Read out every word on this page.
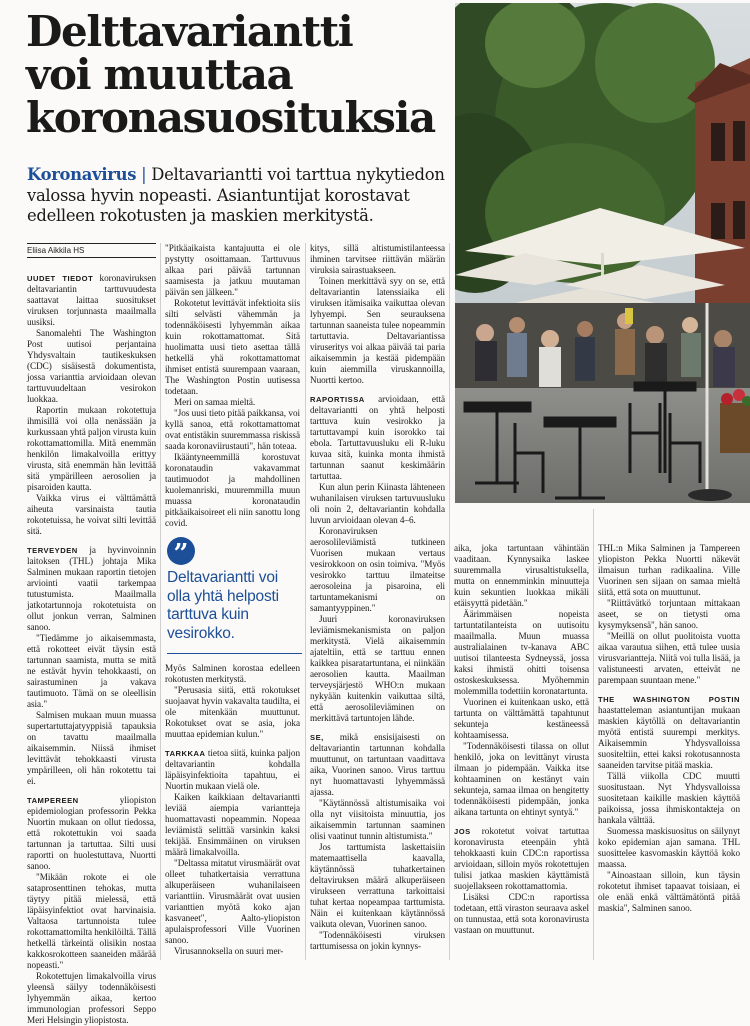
Delttavariantti
voi muuttaa
koronasuosituksia

Koronavirus | Deltavariantti voi tarttua nykytiedon valossa hyvin nopeasti. Asiantuntijat korostavat edelleen rokotusten ja maskien merkitystä.

Eliisa Aikkila HS

UUDET TIEDOT koronaviruksen deltavariantin tarttuvuudesta saattavat laittaa suositukset viruksen torjunnasta maailmalla uusiksi.

Sanomalehti The Washington Post uutisoi perjantaina Yhdysvaltain tautikeskuksen (CDC) sisäisestä dokumentista, jossa varianttia arvioidaan olevan tarttuvuudeltaan vesirokon luokkaa.

Raportin mukaan rokotettuja ihmisillä voi olla nenässään ja kurkussaan yhtä paljon virusta kuin rokottamattomilla. Mitä enemmän henkilön limakalvoilla erittyy virusta, sitä enemmän hän levittää sitä ympärilleen aerosolien ja pisaroiden kautta.

Vaikka virus ei välttämättä aiheuta varsinaista tautia rokotetuissa, he voivat silti levittää sitä.

TERVEYDEN ja hyvinvoinnin laitoksen (THL) johtaja Mika Salminen mukaan raportin tietojen arviointi vaatii tarkempaa tutustumista. Maailmalla jatkotartunnoja rokotetuista on ollut jonkun verran, Salminen sanoo.

"Tiedämme jo aikaisemmasta, että rokotteet eivät täysin estä tartunnan saamista, mutta se mitä ne estävät hyvin tehokkaasti, on sairastuminen ja vakava tautimuoto. Tämä on se oleellisin asia."

Salmisen mukaan muun muassa supertartuttajatyyppisiä tapauksia on tavattu maailmalla aikaisemmin. Niissä ihmiset levittävät tehokkaasti virusta ympärilleen, oli hän rokotettu tai ei.

TAMPEREEN yliopiston epidemiologian professorin Pekka Nuortin mukaan on ollut tiedossa, että rokotettukin voi saada tartunnan ja tartuttaa. Silti uusi raportti on huolestuttava, Nuortti sanoo.

"Mikään rokote ei ole sataprosenttinen tehokas, mutta täytyy pitää mielessä, että läpäisyinfektiot ovat harvinaisia. Valtaosa tartunnoista tulee rokottamattomilta henkilöiltä. Tällä hetkellä tärkeintä olisikin nostaa kakkosrokotteen saaneiden määrää nopeasti."

Rokotettujen limakalvoilla virus yleensä säilyy todennäköisesti lyhyemmän aikaa, kertoo immunologian professori Seppo Meri Helsingin yliopistosta.

"Pitkäaikaista kantajuutta ei ole pystytty osoittamaan. Tarttuvuus alkaa pari päivää tartunnan saamisesta ja jatkuu muutaman päivän sen jälkeen."

Rokotetut levittävät infektioita siis silti selvästi vähemmän ja todennäköisesti lyhyemmän aikaa kuin rokottamattomat. Sitä huolimatta uusi tieto asettaa tällä hetkellä yhä rokottamattomat ihmiset entistä suurempaan vaaraan, The Washington Postin uutisessa todetaan.

Meri on samaa mieltä.

"Jos uusi tieto pitää paikkansa, voi kyllä sanoa, että rokottamattomat ovat entistäkin suuremmassa riskissä saada koronaviirustauti", hän toteaa.

Ikääntyneemmillä korostuvat koronataudin vakavammat tautimuodot ja mahdollinen kuolemanriski, muuremmilla muun muassa koronataudin pitkäaikaisoireet eli niin sanottu long covid.

”

Deltavariantti voi olla yhtä helposti tarttuva kuin vesirokko.

Myös Salminen korostaa edelleen rokotusten merkitystä.

"Perusasia siitä, että rokotukset suojaavat hyvin vakavalta taudilta, ei ole mitenkään muuttunut. Rokotukset ovat se asia, joka muuttaa epidemian kulun."

TARKKAA tietoa siitä, kuinka paljon deltavariantin kohdalla läpäisyinfektioita tapahtuu, ei Nuortin mukaan vielä ole.

Kaiken kaikkiaan deltavariantti leviää aiempia variantteja huomattavasti nopeammin. Nopeaa leviämistä selittää varsinkin kaksi tekijää. Ensimmäinen on viruksen määrä limakalvoilla.

"Deltassa mitatut virusmäärät ovat olleet tuhatkertaisia verrattuna alkuperäiseen wuhanilaiseen varianttiin. Virusmäärät ovat uusien varianttien myötä koko ajan kasvaneet", Aalto-yliopiston apulaisprofessori Ville Vuorinen sanoo.

Virusannoksella on suuri mer-

kitys, sillä altistumistilanteessa ihminen tarvitsee riittävän määrän viruksia sairastuakseen.

Toinen merkittävä syy on se, että deltavariantin latenssiaika eli viruksen itämisaika vaikuttaa olevan lyhyempi. Sen seurauksena tartunnan saaneista tulee nopeammin tartuttavia. Deltavariantissa viruseritys voi alkaa päivää tai paria aikaisemmin ja kestää pidempään kuin aiemmilla viruskannoilla, Nuortti kertoo.

RAPORTISSA arvioidaan, että deltavariantti on yhtä helposti tarttuva kuin vesirokko ja tartuttavampi kuin isorokko tai ebola. Tartuttavuusluku eli R-luku kuvaa sitä, kuinka monta ihmistä tartunnan saanut keskimäärin tartuttaa.

Kun alun perin Kiinasta lähteneen wuhanilaisen viruksen tartuvuusluku oli noin 2, deltavariantin kohdalla luvun arvioidaan olevan 4–6.

Koronaviruksen aerosolileviämistä tutkineen Vuorisen mukaan vertaus vesirokkoon on osin toimiva. "Myös vesirokko tarttuu ilmateitse aerosoleina ja pisaroina, eli tartuntamekanismi on samantyyppinen."

Juuri koronaviruksen leviämismekanismista on paljon merkitystä. Vielä aikaisemmin ajateltiin, että se tarttuu ennen kaikkea pisaratartuntana, ei niinkään aerosolien kautta. Maailman terveysjärjestö WHO:n mukaan nykyään kuitenkin vaikuttaa siltä, että aerosolileviäminen on merkittävä tartuntojen lähde.

SE, mikä ensisijaisesti on deltavariantin tartunnan kohdalla muuttunut, on tartuntaan vaadittava aika, Vuorinen sanoo. Virus tarttuu nyt huomattavasti lyhyemmässä ajassa.

"Käytännössä altistumisaika voi olla nyt viisitoista minuuttia, jos aikaisemmin tartunnan saaminen olisi vaatinut tunnin altistumista."

Jos tarttumista laskettaisiin matemaattisella kaavalla, käytännössä tuhatkertainen deltaviruksen määrä alkuperäiseen virukseen verrattuna tarkoittaisi tuhat kertaa nopeampaa tarttumista. Näin ei kuitenkaan käytännössä vaikuta olevan, Vuorinen sanoo.

"Todennäköisesti viruksen tarttumisessa on jokin kynnys-

aika, joka tartuntaan vähintään vaaditaan. Kynnysaika laskee suuremmalla virusaltistuksella, mutta on ennemminkin minuutteja kuin sekuntien luokkaa mikäli etäisyyttä pidetään."

Äärimmäisen nopeista tartuntatilanteista on uutisoitu maailmalla. Muun muassa australialainen tv-kanava ABC uutisoi tilanteesta Sydneyssä, jossa kaksi ihmistä ohitti toisensa ostoskeskuksessa. Myöhemmin molemmilla todettiin koronatartunta.

Vuorinen ei kuitenkaan usko, että tartunta on välttämättä tapahtunut sekunteja kestäneessä kohtaamisessa.

"Todennäköisesti tilassa on ollut henkilö, joka on levittänyt virusta ilmaan jo pidempään. Vaikka itse kohtaaminen on kestänyt vain sekunteja, samaa ilmaa on hengitetty todennäköisesti pidempään, jonka aikana tartunta on ehtinyt syntyä."

JOS rokotetut voivat tartuttaa koronavirusta eteenpäin yhtä tehokkaasti kuin CDC:n raportissa arvioidaan, silloin myös rokotettujen tulisi jatkaa maskien käyttämistä suojellakseen rokottamattomia.

Lisäksi CDC:n raportissa todetaan, että viraston seuraava askel on tunnustaa, että sota koronavirusta vastaan on muuttunut.

THL:n Mika Salminen ja Tampereen yliopiston Pekka Nuortti näkevät ilmaisun turhan radikaalina. Ville Vuorinen sen sijaan on samaa mieltä siitä, että sota on muuttunut.

"Riittävätkö torjuntaan mittakaan aseet, se on tietysti oma kysymyksensä", hän sanoo.

"Meillä on ollut puolitoista vuotta aikaa varautua siihen, että tulee uusia virusvariantteja. Niitä voi tulla lisää, ja valistuneesti arvaten, etteivät ne parempaan suuntaan mene."

THE WASHINGTON POSTIN haastatteleman asiantuntijan mukaan maskien käytöllä on deltavariantin myötä entistä suurempi merkitys. Aikaisemmin Yhdysvalloissa suositeltiin, ettei kaksi rokotusannosta saaneiden tarvitse pitää maskia.

Tällä viikolla CDC muutti suositustaan. Nyt Yhdysvalloissa suositetaan kaikille maskien käyttöä paikoissa, jossa ihmiskontakteja on hankala välttää.

Suomessa maskisuositus on säilynyt koko epidemian ajan samana. THL suosittelee kasvomaskin käyttöä koko maassa.

"Ainoastaan silloin, kun täysin rokotetut ihmiset tapaavat toisiaan, ei ole enää enkä välttämätöntä pitää maskia", Salminen sanoo.
